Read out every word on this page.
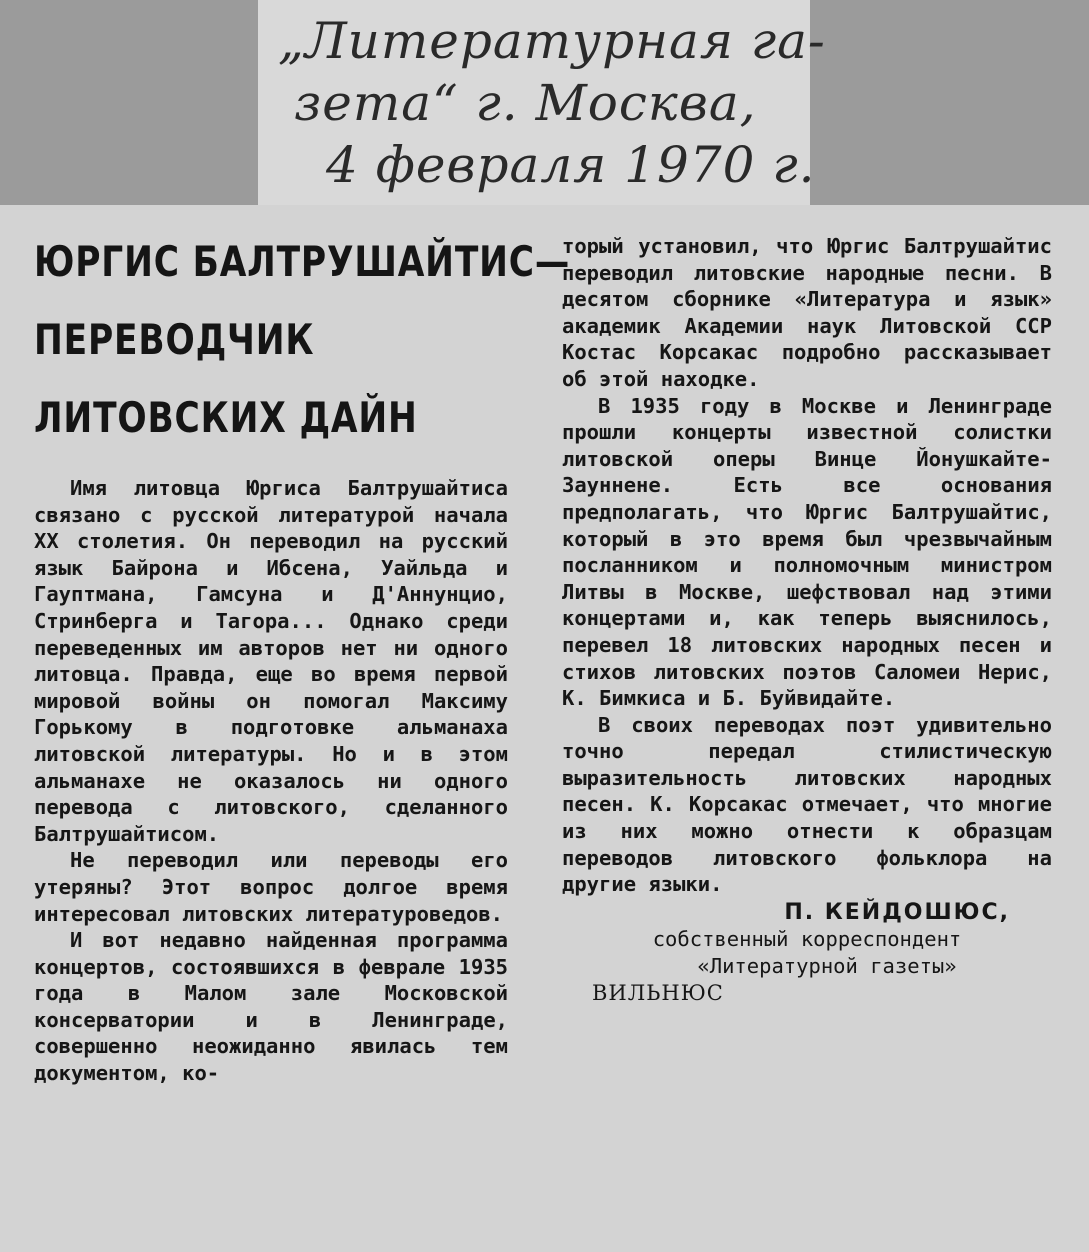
„Литературная га-
зета“ г. Москва,
4 февраля 1970 г.
ЮРГИС БАЛТРУШАЙТИС—
ПЕРЕВОДЧИК
ЛИТОВСКИХ ДАЙН

Имя литовца Юргиса Балтрушайтиса связано с русской литературой начала XX столетия. Он переводил на русский язык Байрона и Ибсена, Уайльда и Гауптмана, Гамсуна и Д'Аннунцио, Стринберга и Тагора... Однако среди переведенных им авторов нет ни одного литовца. Правда, еще во время первой мировой войны он помогал Максиму Горькому в подготовке альманаха литовской литературы. Но и в этом альманахе не оказалось ни одного перевода с литовского, сделанного Балтрушайтисом.

Не переводил или переводы его утеряны? Этот вопрос долгое время интересовал литовских литературоведов.

И вот недавно найденная программа концертов, состоявшихся в феврале 1935 года в Малом зале Московской консерватории и в Ленинграде, совершенно неожиданно явилась тем документом, ко-

торый установил, что Юргис Балтрушайтис переводил литовские народные песни. В десятом сборнике «Литература и язык» академик Академии наук Литовской ССР Костас Корсакас подробно рассказывает об этой находке.

В 1935 году в Москве и Ленинграде прошли концерты известной солистки литовской оперы Винце Йонушкайте-Зауннене. Есть все основания предполагать, что Юргис Балтрушайтис, который в это время был чрезвычайным посланником и полномочным министром Литвы в Москве, шефствовал над этими концертами и, как теперь выяснилось, перевел 18 литовских народных песен и стихов литовских поэтов Саломеи Нерис, К. Бимкиса и Б. Буйвидайте.

В своих переводах поэт удивительно точно передал стилистическую выразительность литовских народных песен. К. Корсакас отмечает, что многие из них можно отнести к образцам переводов литовского фольклора на другие языки.

П. КЕЙДОШЮС,
собственный корреспондент
«Литературной газеты»
ВИЛЬНЮС
